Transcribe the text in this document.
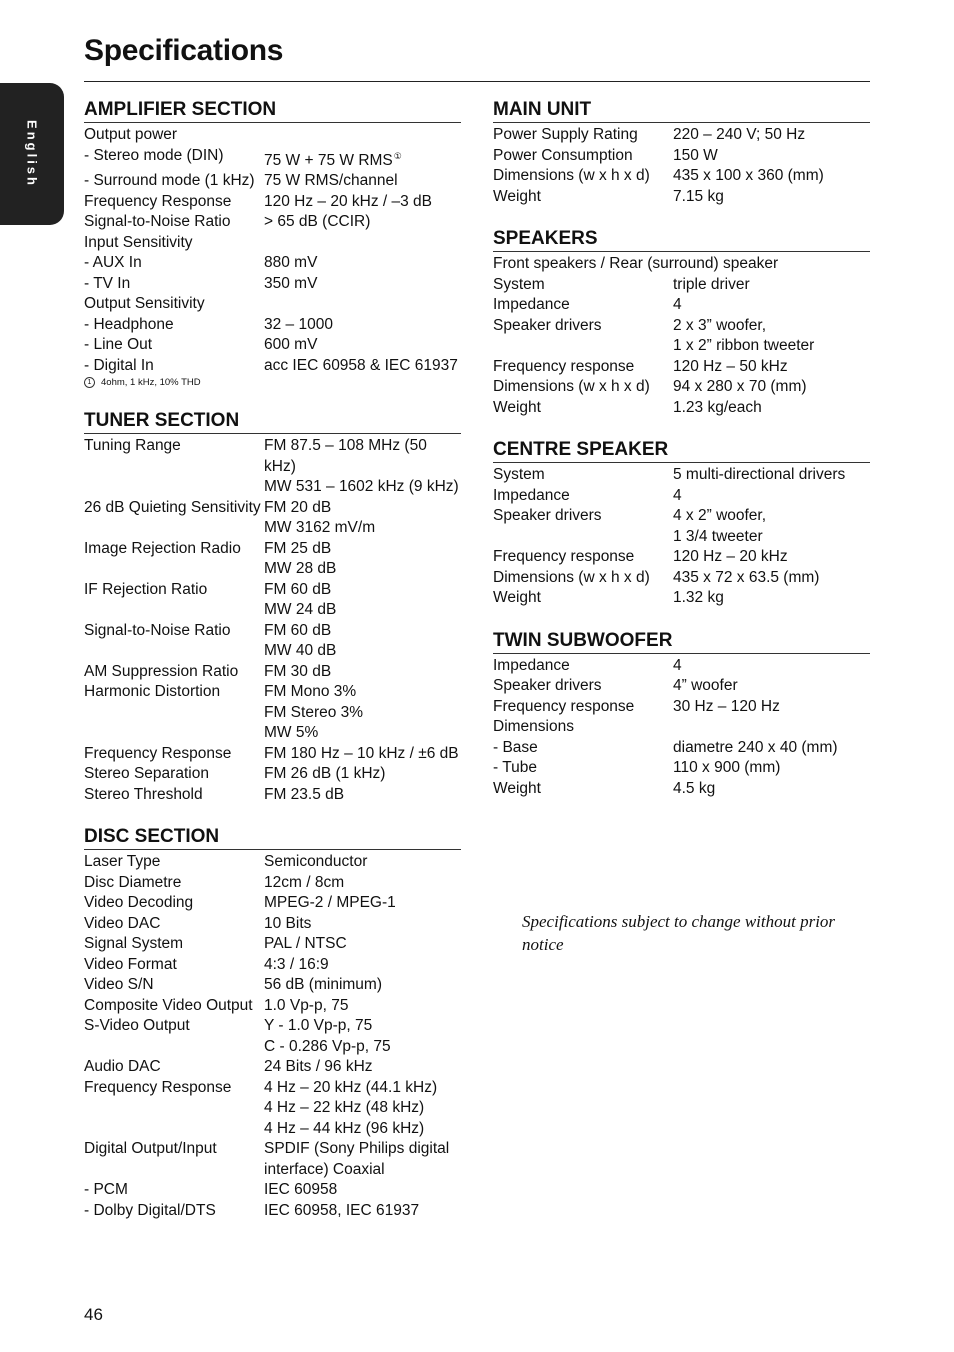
Specifications
English
AMPLIFIER SECTION
Output power	
- Stereo mode (DIN)	75 W + 75 W RMS①
- Surround mode (1 kHz)	75 W RMS/channel
Frequency Response	120 Hz – 20 kHz / –3 dB
Signal-to-Noise Ratio	> 65 dB (CCIR)
Input Sensitivity	
- AUX In	880 mV
- TV In	350 mV
Output Sensitivity	
- Headphone	32 – 1000
- Line Out	600 mV
- Digital In	acc IEC 60958 & IEC 61937
1 4ohm, 1 kHz, 10% THD
TUNER SECTION
Tuning Range	FM 87.5 – 108 MHz (50 kHz)
	MW 531 – 1602 kHz (9 kHz)
26 dB Quieting Sensitivity	FM 20 dB
	MW 3162 mV/m
Image Rejection Radio	FM 25 dB
	MW 28 dB
IF Rejection Ratio	FM 60 dB
	MW 24 dB
Signal-to-Noise Ratio	FM 60 dB
	MW 40 dB
AM Suppression Ratio	FM 30 dB
Harmonic Distortion	FM Mono 3%
	FM Stereo 3%
	MW 5%
Frequency Response	FM 180 Hz – 10 kHz / ±6 dB
Stereo Separation	FM 26 dB (1 kHz)
Stereo Threshold	FM 23.5 dB
DISC SECTION
Laser Type	Semiconductor
Disc Diametre	12cm / 8cm
Video Decoding	MPEG-2 / MPEG-1
Video DAC	10 Bits
Signal System	PAL / NTSC
Video Format	4:3 / 16:9
Video S/N	56 dB (minimum)
Composite Video Output	1.0 Vp-p, 75
S-Video Output	Y - 1.0 Vp-p, 75
	C - 0.286 Vp-p, 75
Audio DAC	24 Bits / 96 kHz
Frequency Response	4 Hz – 20 kHz (44.1 kHz)
	4 Hz – 22 kHz (48 kHz)
	4 Hz – 44 kHz (96 kHz)
Digital Output/Input	SPDIF (Sony Philips digital interface) Coaxial
- PCM	IEC 60958
- Dolby Digital/DTS	IEC 60958, IEC 61937
MAIN UNIT
Power Supply Rating	220 – 240 V; 50 Hz
Power Consumption	150 W
Dimensions (w x h x d)	435 x 100 x 360 (mm)
Weight	7.15 kg
SPEAKERS
Front speakers / Rear (surround) speaker	
System	triple driver
Impedance	4
Speaker drivers	2 x 3” woofer,
	1 x 2” ribbon tweeter
Frequency response	120 Hz – 50 kHz
Dimensions (w x h x d)	94 x 280 x 70 (mm)
Weight	1.23 kg/each
CENTRE SPEAKER
System	5 multi-directional drivers
Impedance	4
Speaker drivers	4 x 2” woofer,
	1 3/4 tweeter
Frequency response	120 Hz – 20 kHz
Dimensions (w x h x d)	435 x 72 x 63.5 (mm)
Weight	1.32 kg
TWIN SUBWOOFER
Impedance	4
Speaker drivers	4” woofer
Frequency response	30 Hz – 120 Hz
Dimensions	
- Base	diametre 240 x 40 (mm)
- Tube	110 x 900 (mm)
Weight	4.5 kg
Specifications subject to change without prior notice
46
